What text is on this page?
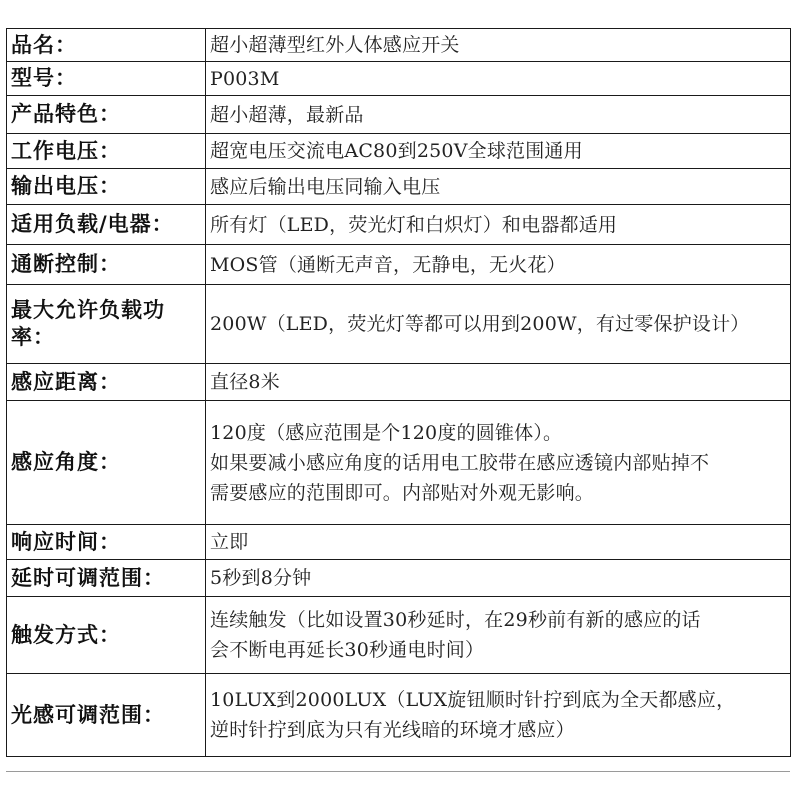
品名：	超小超薄型红外人体感应开关

型号：	P003M

产品特色：	超小超薄，最新品

工作电压：	超宽电压交流电AC80到250V全球范围通用

输出电压：	感应后输出电压同输入电压

适用负载/电器：	所有灯（LED，荧光灯和白炽灯）和电器都适用

通断控制：	MOS管（通断无声音，无静电，无火花）

最大允许负载功率：	200W（LED，荧光灯等都可以用到200W，有过零保护设计）

感应距离：	直径8米

感应角度：	120度（感应范围是个120度的圆锥体）。
如果要减小感应角度的话用电工胶带在感应透镜内部贴掉不
需要感应的范围即可。内部贴对外观无影响。

响应时间：	立即

延时可调范围：	5秒到8分钟

触发方式：	连续触发（比如设置30秒延时，在29秒前有新的感应的话
会不断电再延长30秒通电时间）

光感可调范围：	10LUX到2000LUX（LUX旋钮顺时针拧到底为全天都感应，
逆时针拧到底为只有光线暗的环境才感应）
